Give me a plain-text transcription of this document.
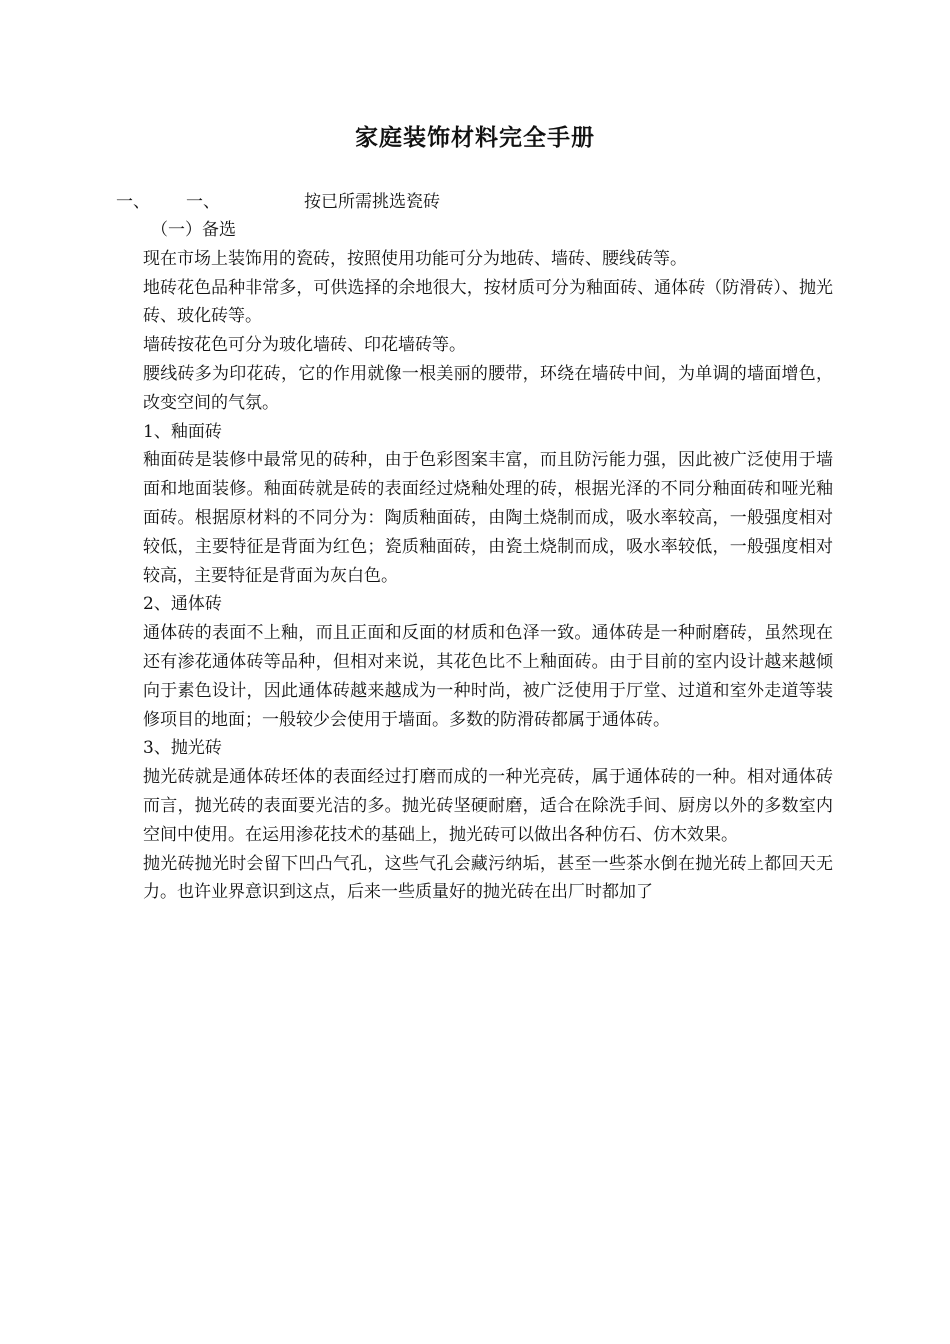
家庭装饰材料完全手册
一、 一、	按已所需挑选瓷砖

（一）备选

现在市场上装饰用的瓷砖，按照使用功能可分为地砖、墙砖、腰线砖等。

地砖花色品种非常多，可供选择的余地很大，按材质可分为釉面砖、通体砖（防滑砖）、抛光砖、玻化砖等。

墙砖按花色可分为玻化墙砖、印花墙砖等。

腰线砖多为印花砖，它的作用就像一根美丽的腰带，环绕在墙砖中间，为单调的墙面增色，改变空间的气氛。

1、釉面砖

釉面砖是装修中最常见的砖种，由于色彩图案丰富，而且防污能力强，因此被广泛使用于墙面和地面装修。釉面砖就是砖的表面经过烧釉处理的砖，根据光泽的不同分釉面砖和哑光釉面砖。根据原材料的不同分为：陶质釉面砖，由陶土烧制而成，吸水率较高，一般强度相对较低，主要特征是背面为红色；瓷质釉面砖，由瓷土烧制而成，吸水率较低，一般强度相对较高，主要特征是背面为灰白色。

2、通体砖

通体砖的表面不上釉，而且正面和反面的材质和色泽一致。通体砖是一种耐磨砖，虽然现在还有渗花通体砖等品种，但相对来说，其花色比不上釉面砖。由于目前的室内设计越来越倾向于素色设计，因此通体砖越来越成为一种时尚，被广泛使用于厅堂、过道和室外走道等装修项目的地面；一般较少会使用于墙面。多数的防滑砖都属于通体砖。

3、抛光砖

抛光砖就是通体砖坯体的表面经过打磨而成的一种光亮砖，属于通体砖的一种。相对通体砖而言，抛光砖的表面要光洁的多。抛光砖坚硬耐磨，适合在除洗手间、厨房以外的多数室内空间中使用。在运用渗花技术的基础上，抛光砖可以做出各种仿石、仿木效果。

抛光砖抛光时会留下凹凸气孔，这些气孔会藏污纳垢，甚至一些茶水倒在抛光砖上都回天无力。也许业界意识到这点，后来一些质量好的抛光砖在出厂时都加了
